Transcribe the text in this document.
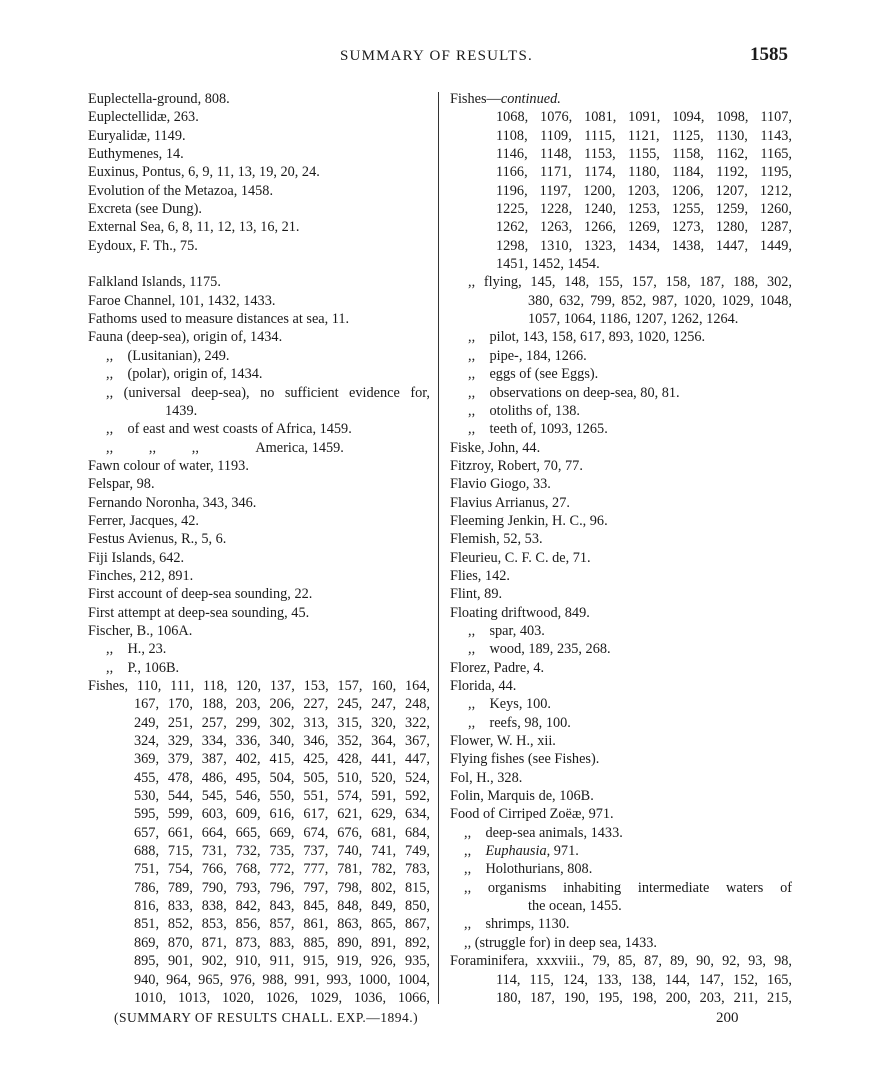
SUMMARY OF RESULTS.	1585
Euplectella-ground, 808.
Euplectellidæ, 263.
Euryalidæ, 1149.
Euthymenes, 14.
Euxinus, Pontus, 6, 9, 11, 13, 19, 20, 24.
Evolution of the Metazoa, 1458.
Excreta (see Dung).
External Sea, 6, 8, 11, 12, 13, 16, 21.
Eydoux, F. Th., 75.
Falkland Islands, 1175.
Faroe Channel, 101, 1432, 1433.
Fathoms used to measure distances at sea, 11.
Fauna (deep-sea), origin of, 1434.
,,    (Lusitanian), 249.
,,    (polar), origin of, 1434.
,, (universal deep-sea), no sufficient evidence for,
1439.
,,    of east and west coasts of Africa, 1459.
,,          ,,          ,,                America, 1459.
Fawn colour of water, 1193.
Felspar, 98.
Fernando Noronha, 343, 346.
Ferrer, Jacques, 42.
Festus Avienus, R., 5, 6.
Fiji Islands, 642.
Finches, 212, 891.
First account of deep-sea sounding, 22.
First attempt at deep-sea sounding, 45.
Fischer, B., 106A.
,,    H., 23.
,,    P., 106B.
Fishes, 110, 111, 118, 120, 137, 153, 157, 160, 164,
167, 170, 188, 203, 206, 227, 245, 247, 248,
249, 251, 257, 299, 302, 313, 315, 320, 322,
324, 329, 334, 336, 340, 346, 352, 364, 367,
369, 379, 387, 402, 415, 425, 428, 441, 447,
455, 478, 486, 495, 504, 505, 510, 520, 524,
530, 544, 545, 546, 550, 551, 574, 591, 592,
595, 599, 603, 609, 616, 617, 621, 629, 634,
657, 661, 664, 665, 669, 674, 676, 681, 684,
688, 715, 731, 732, 735, 737, 740, 741, 749,
751, 754, 766, 768, 772, 777, 781, 782, 783,
786, 789, 790, 793, 796, 797, 798, 802, 815,
816, 833, 838, 842, 843, 845, 848, 849, 850,
851, 852, 853, 856, 857, 861, 863, 865, 867,
869, 870, 871, 873, 883, 885, 890, 891, 892,
895, 901, 902, 910, 911, 915, 919, 926, 935,
940, 964, 965, 976, 988, 991, 993, 1000, 1004,
1010, 1013, 1020, 1026, 1029, 1036, 1066,
Fishes—continued.
1068, 1076, 1081, 1091, 1094, 1098, 1107,
1108, 1109, 1115, 1121, 1125, 1130, 1143,
1146, 1148, 1153, 1155, 1158, 1162, 1165,
1166, 1171, 1174, 1180, 1184, 1192, 1195,
1196, 1197, 1200, 1203, 1206, 1207, 1212,
1225, 1228, 1240, 1253, 1255, 1259, 1260,
1262, 1263, 1266, 1269, 1273, 1280, 1287,
1298, 1310, 1323, 1434, 1438, 1447, 1449,
1451, 1452, 1454.
,, flying, 145, 148, 155, 157, 158, 187, 188, 302,
380, 632, 799, 852, 987, 1020, 1029, 1048,
1057, 1064, 1186, 1207, 1262, 1264.
,,    pilot, 143, 158, 617, 893, 1020, 1256.
,,    pipe-, 184, 1266.
,,    eggs of (see Eggs).
,,    observations on deep-sea, 80, 81.
,,    otoliths of, 138.
,,    teeth of, 1093, 1265.
Fiske, John, 44.
Fitzroy, Robert, 70, 77.
Flavio Giogo, 33.
Flavius Arrianus, 27.
Fleeming Jenkin, H. C., 96.
Flemish, 52, 53.
Fleurieu, C. F. C. de, 71.
Flies, 142.
Flint, 89.
Floating driftwood, 849.
,,    spar, 403.
,,    wood, 189, 235, 268.
Florez, Padre, 4.
Florida, 44.
,,    Keys, 100.
,,    reefs, 98, 100.
Flower, W. H., xii.
Flying fishes (see Fishes).
Fol, H., 328.
Folin, Marquis de, 106B.
Food of Cirriped Zoëæ, 971.
,,    deep-sea animals, 1433.
,,    Euphausia, 971.
,,    Holothurians, 808.
,, organisms inhabiting intermediate waters of
the ocean, 1455.
,,    shrimps, 1130.
,, (struggle for) in deep sea, 1433.
Foraminifera, xxxviii., 79, 85, 87, 89, 90, 92, 93, 98,
114, 115, 124, 133, 138, 144, 147, 152, 165,
180, 187, 190, 195, 198, 200, 203, 211, 215,
(SUMMARY OF RESULTS CHALL. EXP.—1894.)	200
